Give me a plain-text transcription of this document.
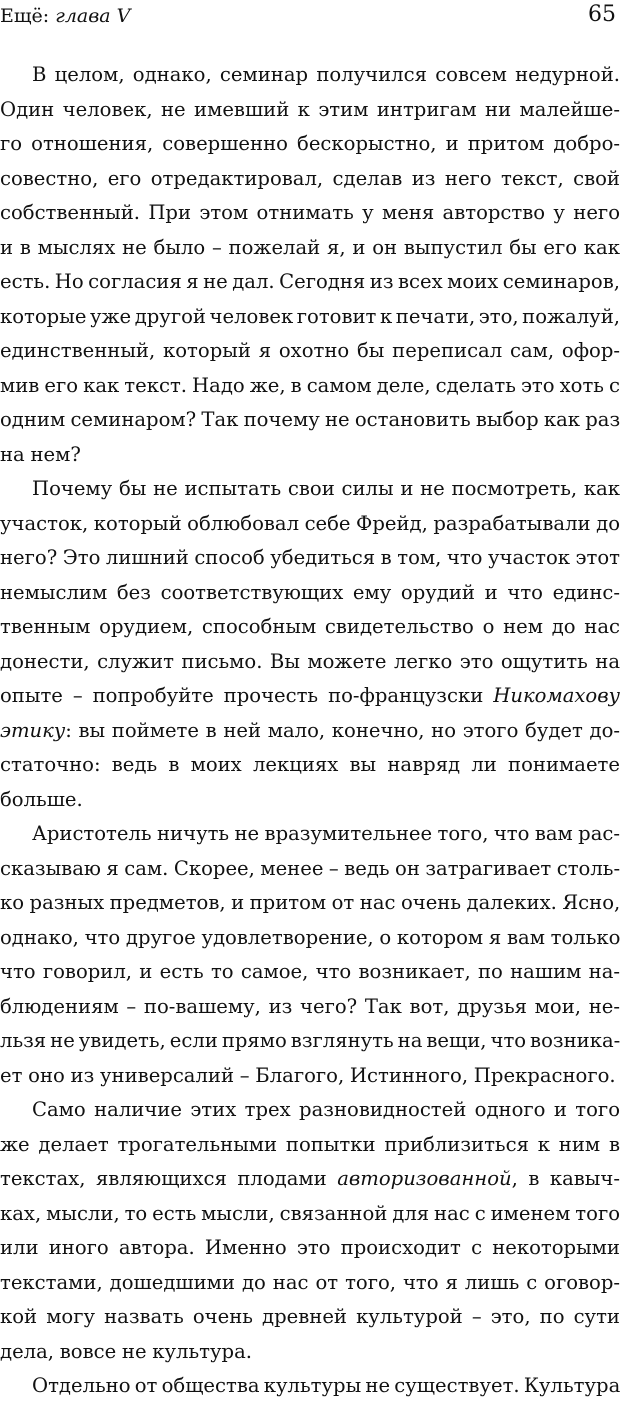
Ещё: глава V	65
В целом, однако, семинар получился совсем недурной.
Один человек, не имевший к этим интригам ни малейше-
го отношения, совершенно бескорыстно, и притом добро-
совестно, его отредактировал, сделав из него текст, свой
собственный. При этом отнимать у меня авторство у него
и в мыслях не было – пожелай я, и он выпустил бы его как
есть. Но согласия я не дал. Сегодня из всех моих семинаров,
которые уже другой человек готовит к печати, это, пожалуй,
единственный, который я охотно бы переписал сам, офор-
мив его как текст. Надо же, в самом деле, сделать это хоть с
одним семинаром? Так почему не остановить выбор как раз
на нем?
Почему бы не испытать свои силы и не посмотреть, как
участок, который облюбовал себе Фрейд, разрабатывали до
него? Это лишний способ убедиться в том, что участок этот
немыслим без соответствующих ему орудий и что единс-
твенным орудием, способным свидетельство о нем до нас
донести, служит письмо. Вы можете легко это ощутить на
опыте – попробуйте прочесть по-французски Никомахову
этику: вы поймете в ней мало, конечно, но этого будет до-
статочно: ведь в моих лекциях вы навряд ли понимаете
больше.
Аристотель ничуть не вразумительнее того, что вам рас-
сказываю я сам. Скорее, менее – ведь он затрагивает столь-
ко разных предметов, и притом от нас очень далеких. Ясно,
однако, что другое удовлетворение, о котором я вам только
что говорил, и есть то самое, что возникает, по нашим на-
блюдениям – по-вашему, из чего? Так вот, друзья мои, не-
льзя не увидеть, если прямо взглянуть на вещи, что возника-
ет оно из универсалий – Благого, Истинного, Прекрасного.
Само наличие этих трех разновидностей одного и того
же делает трогательными попытки приблизиться к ним в
текстах, являющихся плодами авторизованной, в кавыч-
ках, мысли, то есть мысли, связанной для нас с именем того
или иного автора. Именно это происходит с некоторыми
текстами, дошедшими до нас от того, что я лишь с оговор-
кой могу назвать очень древней культурой – это, по сути
дела, вовсе не культура.
Отдельно от общества культуры не существует. Культура
